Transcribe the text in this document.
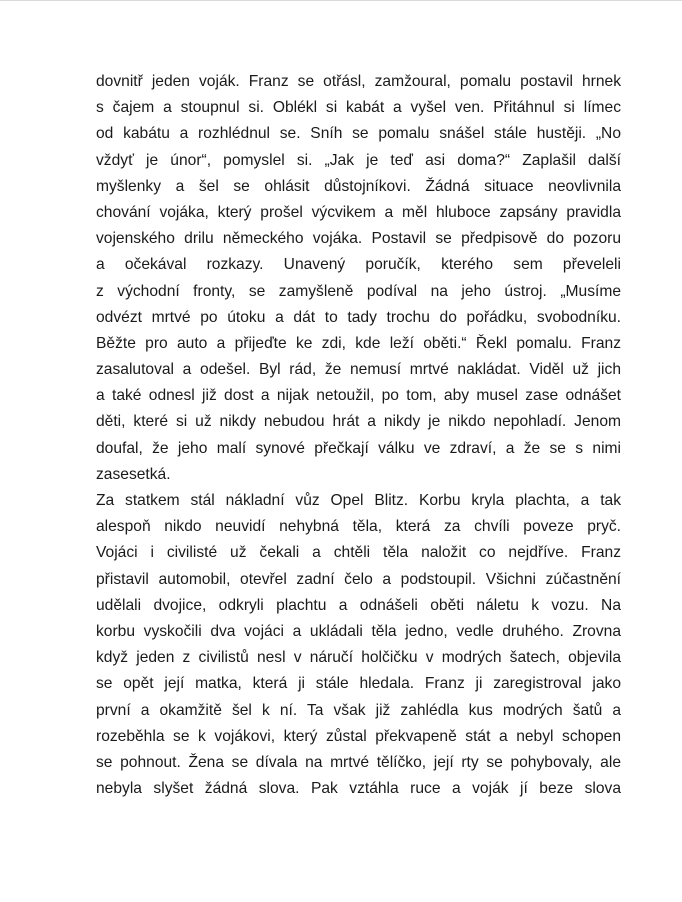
dovnitř jeden voják. Franz se otřásl, zamžoural, pomalu postavil hrnek
s čajem a stoupnul si. Oblékl si kabát a vyšel ven. Přitáhnul si límec
od kabátu a rozhlédnul se. Sníh se pomalu snášel stále hustěji. „No
vždyť je únor“, pomyslel si. „Jak je teď asi doma?“ Zaplašil další
myšlenky a šel se ohlásit důstojníkovi. Žádná situace neovlivnila
chování vojáka, který prošel výcvikem a měl hluboce zapsány pravidla
vojenského drilu německého vojáka. Postavil se předpisově do pozoru
a očekával rozkazy. Unavený poručík, kterého sem převeleli
z východní fronty, se zamyšleně podíval na jeho ústroj. „Musíme
odvézt mrtvé po útoku a dát to tady trochu do pořádku, svobodníku.
Běžte pro auto a přijeďte ke zdi, kde leží oběti.“ Řekl pomalu. Franz
zasalutoval a odešel. Byl rád, že nemusí mrtvé nakládat. Viděl už jich
a také odnesl již dost a nijak netoužil, po tom, aby musel zase odnášet
děti, které si už nikdy nebudou hrát a nikdy je nikdo nepohladí. Jenom
doufal, že jeho malí synové přečkají válku ve zdraví, a že se s nimi
zasesetká.
Za statkem stál nákladní vůz Opel Blitz. Korbu kryla plachta, a tak
alespoň nikdo neuvidí nehybná těla, která za chvíli poveze pryč.
Vojáci i civilisté už čekali a chtěli těla naložit co nejdříve. Franz
přistavil automobil, otevřel zadní čelo a podstoupil. Všichni zúčastnění
udělali dvojice, odkryli plachtu a odnášeli oběti náletu k vozu. Na
korbu vyskočili dva vojáci a ukládali těla jedno, vedle druhého. Zrovna
když jeden z civilistů nesl v náručí holčičku v modrých šatech, objevila
se opět její matka, která ji stále hledala. Franz ji zaregistroval jako
první a okamžitě šel k ní. Ta však již zahlédla kus modrých šatů a
rozeběhla se k vojákovi, který zůstal překvapeně stát a nebyl schopen
se pohnout. Žena se dívala na mrtvé tělíčko, její rty se pohybovaly, ale
nebyla slyšet žádná slova. Pak vztáhla ruce a voják jí beze slova
